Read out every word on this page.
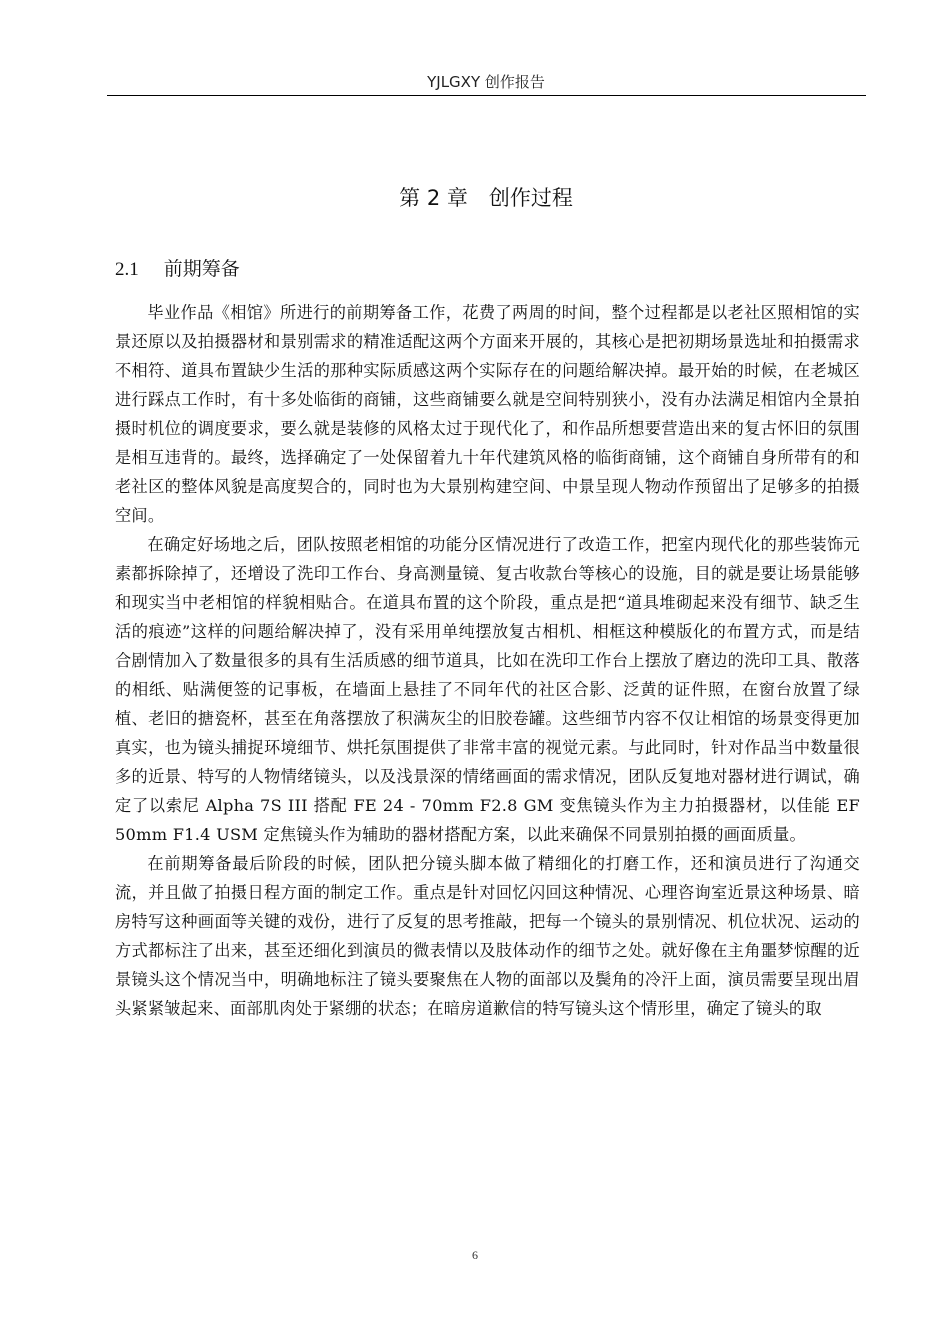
YJLGXY 创作报告
第 2 章　创作过程
2.1　 前期筹备

毕业作品《相馆》所进行的前期筹备工作，花费了两周的时间，整个过程都是以老社区照相馆的实景还原以及拍摄器材和景别需求的精准适配这两个方面来开展的，其核心是把初期场景选址和拍摄需求不相符、道具布置缺少生活的那种实际质感这两个实际存在的问题给解决掉。最开始的时候，在老城区进行踩点工作时，有十多处临街的商铺，这些商铺要么就是空间特别狭小，没有办法满足相馆内全景拍摄时机位的调度要求，要么就是装修的风格太过于现代化了，和作品所想要营造出来的复古怀旧的氛围是相互违背的。最终，选择确定了一处保留着九十年代建筑风格的临街商铺，这个商铺自身所带有的和老社区的整体风貌是高度契合的，同时也为大景别构建空间、中景呈现人物动作预留出了足够多的拍摄空间。

在确定好场地之后，团队按照老相馆的功能分区情况进行了改造工作，把室内现代化的那些装饰元素都拆除掉了，还增设了洗印工作台、身高测量镜、复古收款台等核心的设施，目的就是要让场景能够和现实当中老相馆的样貌相贴合。在道具布置的这个阶段，重点是把“道具堆砌起来没有细节、缺乏生活的痕迹”这样的问题给解决掉了，没有采用单纯摆放复古相机、相框这种模版化的布置方式，而是结合剧情加入了数量很多的具有生活质感的细节道具，比如在洗印工作台上摆放了磨边的洗印工具、散落的相纸、贴满便签的记事板，在墙面上悬挂了不同年代的社区合影、泛黄的证件照，在窗台放置了绿植、老旧的搪瓷杯，甚至在角落摆放了积满灰尘的旧胶卷罐。这些细节内容不仅让相馆的场景变得更加真实，也为镜头捕捉环境细节、烘托氛围提供了非常丰富的视觉元素。与此同时，针对作品当中数量很多的近景、特写的人物情绪镜头，以及浅景深的情绪画面的需求情况，团队反复地对器材进行调试，确定了以索尼 Alpha 7S III 搭配 FE 24 - 70mm F2.8 GM 变焦镜头作为主力拍摄器材，以佳能 EF 50mm F1.4 USM 定焦镜头作为辅助的器材搭配方案，以此来确保不同景别拍摄的画面质量。

在前期筹备最后阶段的时候，团队把分镜头脚本做了精细化的打磨工作，还和演员进行了沟通交流，并且做了拍摄日程方面的制定工作。重点是针对回忆闪回这种情况、心理咨询室近景这种场景、暗房特写这种画面等关键的戏份，进行了反复的思考推敲，把每一个镜头的景别情况、机位状况、运动的方式都标注了出来，甚至还细化到演员的微表情以及肢体动作的细节之处。就好像在主角噩梦惊醒的近景镜头这个情况当中，明确地标注了镜头要聚焦在人物的面部以及鬓角的冷汗上面，演员需要呈现出眉头紧紧皱起来、面部肌肉处于紧绷的状态；在暗房道歉信的特写镜头这个情形里，确定了镜头的取

6
